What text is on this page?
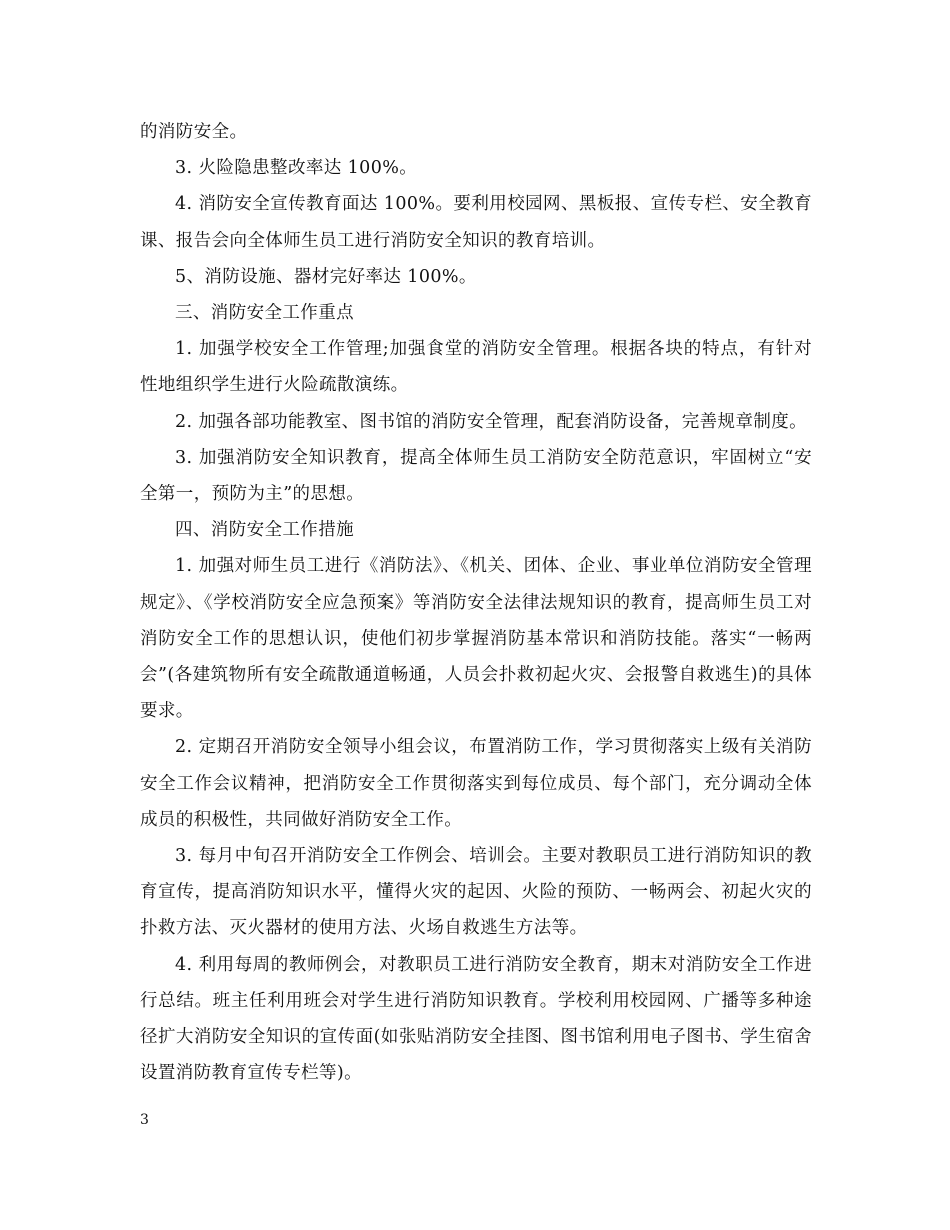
的消防安全。

3. 火险隐患整改率达 100%。

4. 消防安全宣传教育面达 100%。要利用校园网、黑板报、宣传专栏、安全教育课、报告会向全体师生员工进行消防安全知识的教育培训。

5、消防设施、器材完好率达 100%。

三、消防安全工作重点

1. 加强学校安全工作管理;加强食堂的消防安全管理。根据各块的特点，有针对性地组织学生进行火险疏散演练。

2. 加强各部功能教室、图书馆的消防安全管理，配套消防设备，完善规章制度。

3. 加强消防安全知识教育，提高全体师生员工消防安全防范意识，牢固树立“安全第一，预防为主”的思想。

四、消防安全工作措施

1. 加强对师生员工进行《消防法》、《机关、团体、企业、事业单位消防安全管理规定》、《学校消防安全应急预案》等消防安全法律法规知识的教育，提高师生员工对消防安全工作的思想认识，使他们初步掌握消防基本常识和消防技能。落实“一畅两会”(各建筑物所有安全疏散通道畅通，人员会扑救初起火灾、会报警自救逃生)的具体要求。

2. 定期召开消防安全领导小组会议，布置消防工作，学习贯彻落实上级有关消防安全工作会议精神，把消防安全工作贯彻落实到每位成员、每个部门，充分调动全体成员的积极性，共同做好消防安全工作。

3. 每月中旬召开消防安全工作例会、培训会。主要对教职员工进行消防知识的教育宣传，提高消防知识水平，懂得火灾的起因、火险的预防、一畅两会、初起火灾的扑救方法、灭火器材的使用方法、火场自救逃生方法等。

4. 利用每周的教师例会，对教职员工进行消防安全教育，期末对消防安全工作进行总结。班主任利用班会对学生进行消防知识教育。学校利用校园网、广播等多种途径扩大消防安全知识的宣传面(如张贴消防安全挂图、图书馆利用电子图书、学生宿舍设置消防教育宣传专栏等)。

3
